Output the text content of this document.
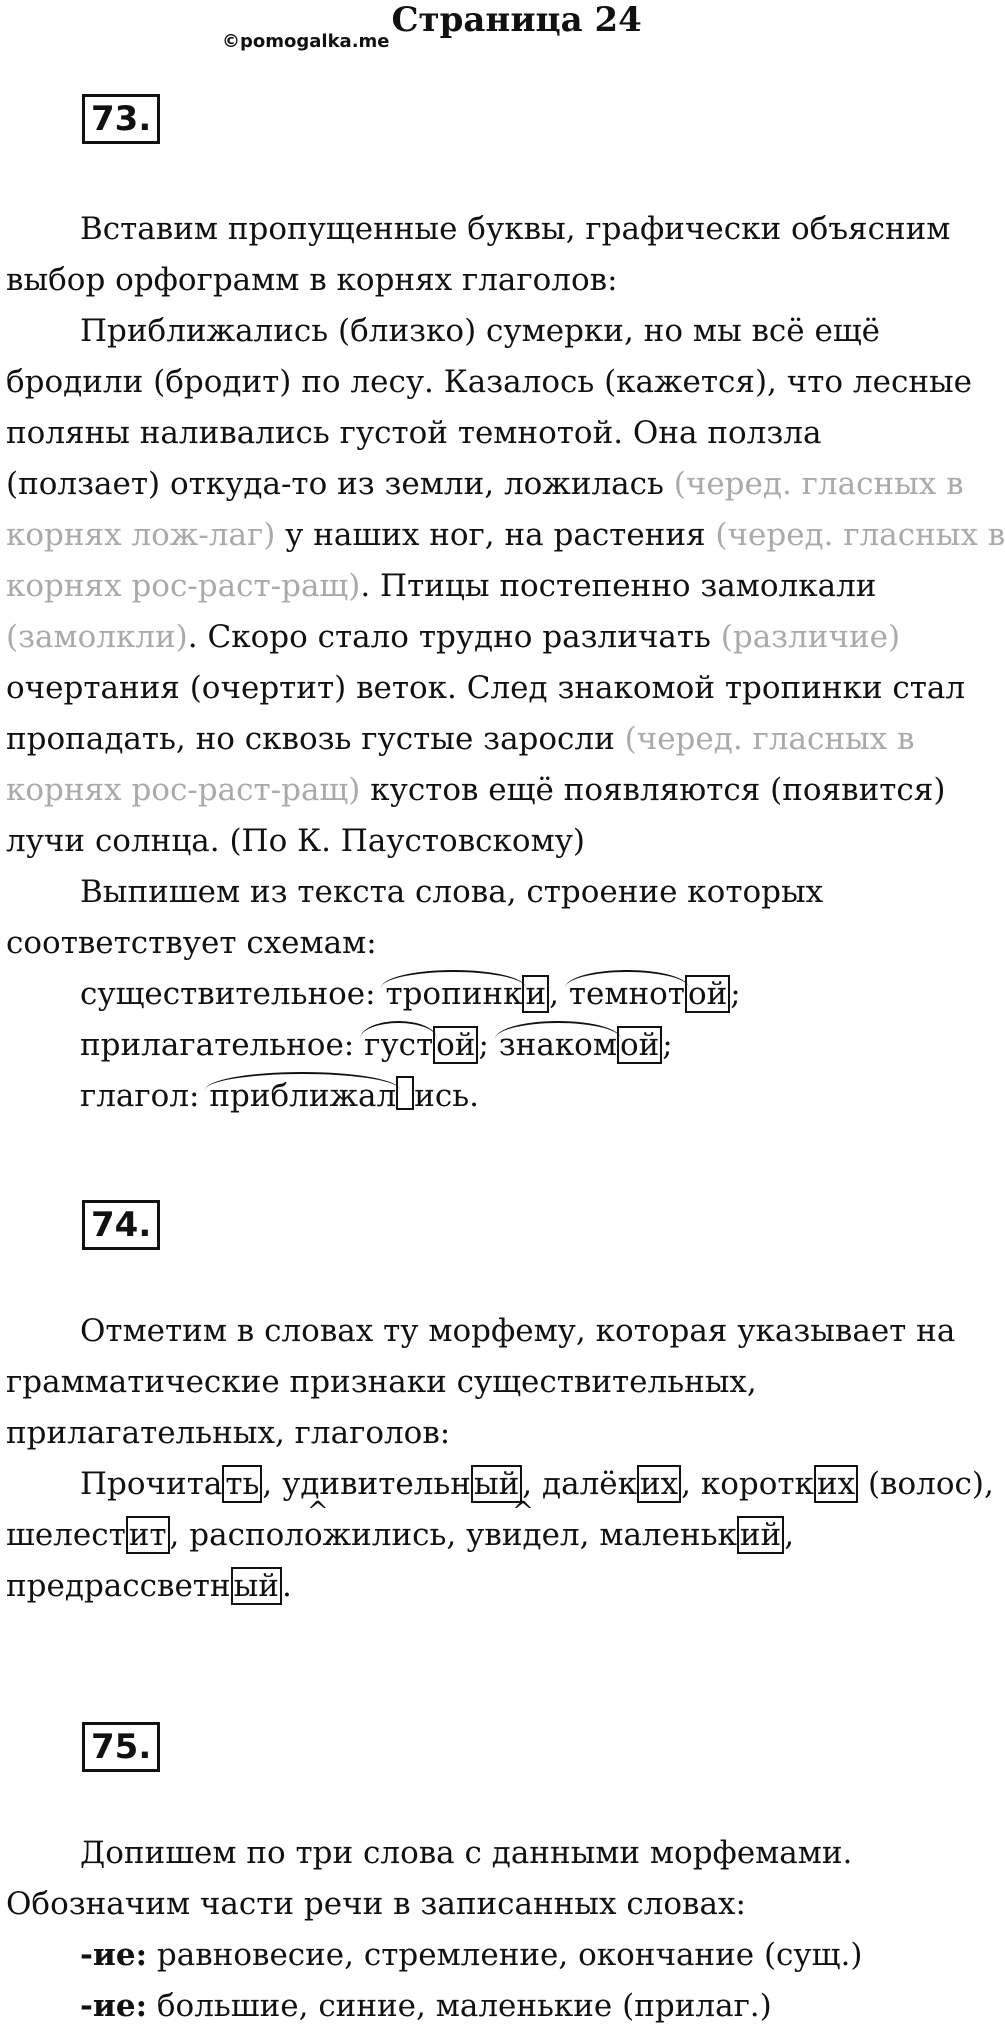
©pomogalka.meСтраница 24
73.
Вставим пропущенные буквы, графически объясним
выбор орфограмм в корнях глаголов:
Приближались (близко) сумерки, но мы всё ещё
бродили (бродит) по лесу. Казалось (кажется), что лесные
поляны наливались густой темнотой. Она ползла
(ползает) откуда-то из земли, ложилась (черед. гласных в
корнях лож-лаг) у наших ног, на растения (черед. гласных в
корнях рос-раст-ращ). Птицы постепенно замолкали
(замолкли). Скоро стало трудно различать (различие)
очертания (очертит) веток. След знакомой тропинки стал
пропадать, но сквозь густые заросли (черед. гласных в
корнях рос-раст-ращ) кустов ещё появляются (появится)
лучи солнца. (По К. Паустовскому)
Выпишем из текста слова, строение которых
соответствует схемам:
существительное: тропинки, темнотой;
прилагательное: густой; знакомой;
глагол: приближал ись.
74.
Отметим в словах ту морфему, которая указывает на
грамматические признаки существительных,
прилагательных, глаголов:
Прочитать, удивительный, далёких, коротких (волос),
шелестит, ^ расположились, ^ увидел, маленький,
предрассветный.
75.
Допишем по три слова с данными морфемами.
Обозначим части речи в записанных словах:
-ие: равновесие, стремление, окончание (сущ.)
-ие: большие, синие, маленькие (прилаг.)
